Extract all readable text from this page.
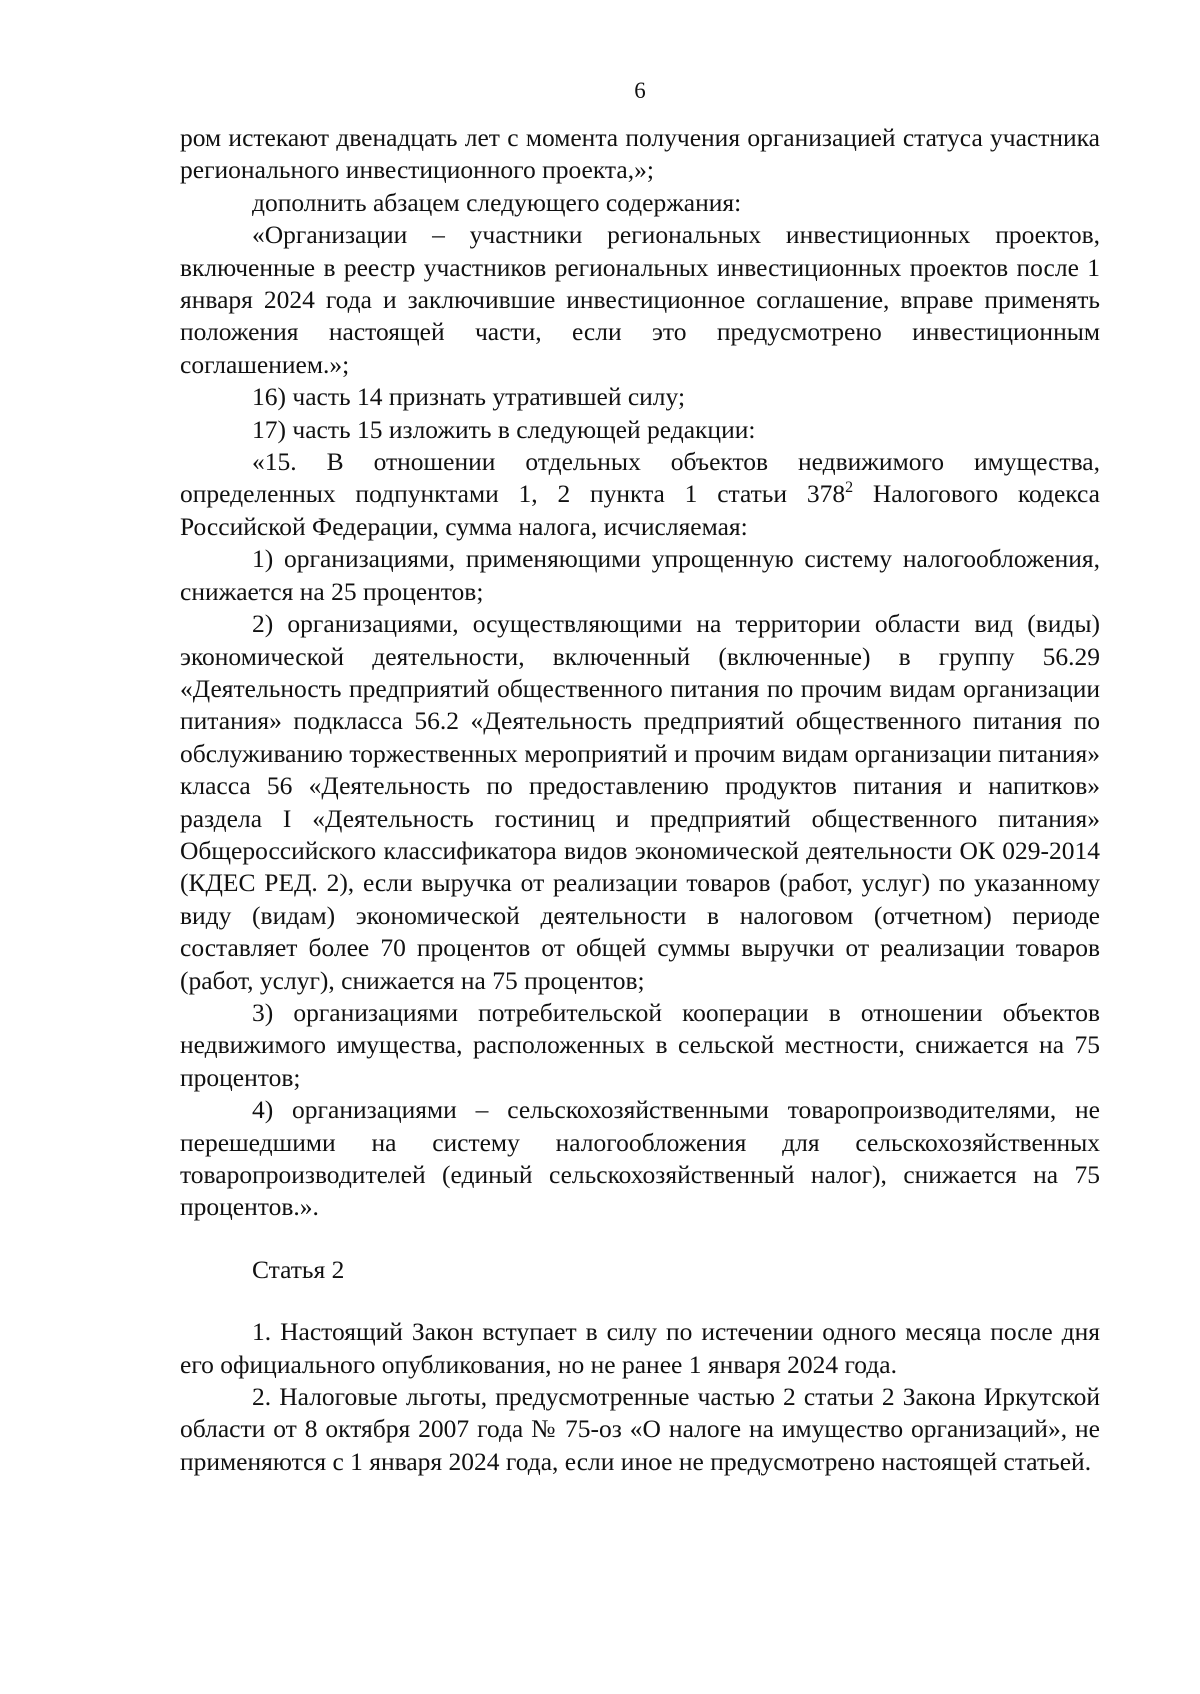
6

ром истекают двенадцать лет с момента получения организацией статуса участника регионального инвестиционного проекта,»;

дополнить абзацем следующего содержания:

«Организации – участники региональных инвестиционных проектов, включенные в реестр участников региональных инвестиционных проектов после 1 января 2024 года и заключившие инвестиционное соглашение, вправе применять положения настоящей части, если это предусмотрено инвестиционным соглашением.»;

16) часть 14 признать утратившей силу;

17) часть 15 изложить в следующей редакции:

«15. В отношении отдельных объектов недвижимого имущества, определенных подпунктами 1, 2 пункта 1 статьи $378^2$ Налогового кодекса Российской Федерации, сумма налога, исчисляемая:

1) организациями, применяющими упрощенную систему налогообложения, снижается на 25 процентов;

2) организациями, осуществляющими на территории области вид (виды) экономической деятельности, включенный (включенные) в группу 56.29 «Деятельность предприятий общественного питания по прочим видам организации питания» подкласса 56.2 «Деятельность предприятий общественного питания по обслуживанию торжественных мероприятий и прочим видам организации питания» класса 56 «Деятельность по предоставлению продуктов питания и напитков» раздела I «Деятельность гостиниц и предприятий общественного питания» Общероссийского классификатора видов экономической деятельности ОК 029-2014 (КДЕС РЕД. 2), если выручка от реализации товаров (работ, услуг) по указанному виду (видам) экономической деятельности в налоговом (отчетном) периоде составляет более 70 процентов от общей суммы выручки от реализации товаров (работ, услуг), снижается на 75 процентов;

3) организациями потребительской кооперации в отношении объектов недвижимого имущества, расположенных в сельской местности, снижается на 75 процентов;

4) организациями – сельскохозяйственными товаропроизводителями, не перешедшими на систему налогообложения для сельскохозяйственных товаропроизводителей (единый сельскохозяйственный налог), снижается на 75 процентов.».

Статья 2

1. Настоящий Закон вступает в силу по истечении одного месяца после дня его официального опубликования, но не ранее 1 января 2024 года.

2. Налоговые льготы, предусмотренные частью 2 статьи 2 Закона Иркутской области от 8 октября 2007 года № 75-оз «О налоге на имущество организаций», не применяются с 1 января 2024 года, если иное не предусмотрено настоящей статьей.
